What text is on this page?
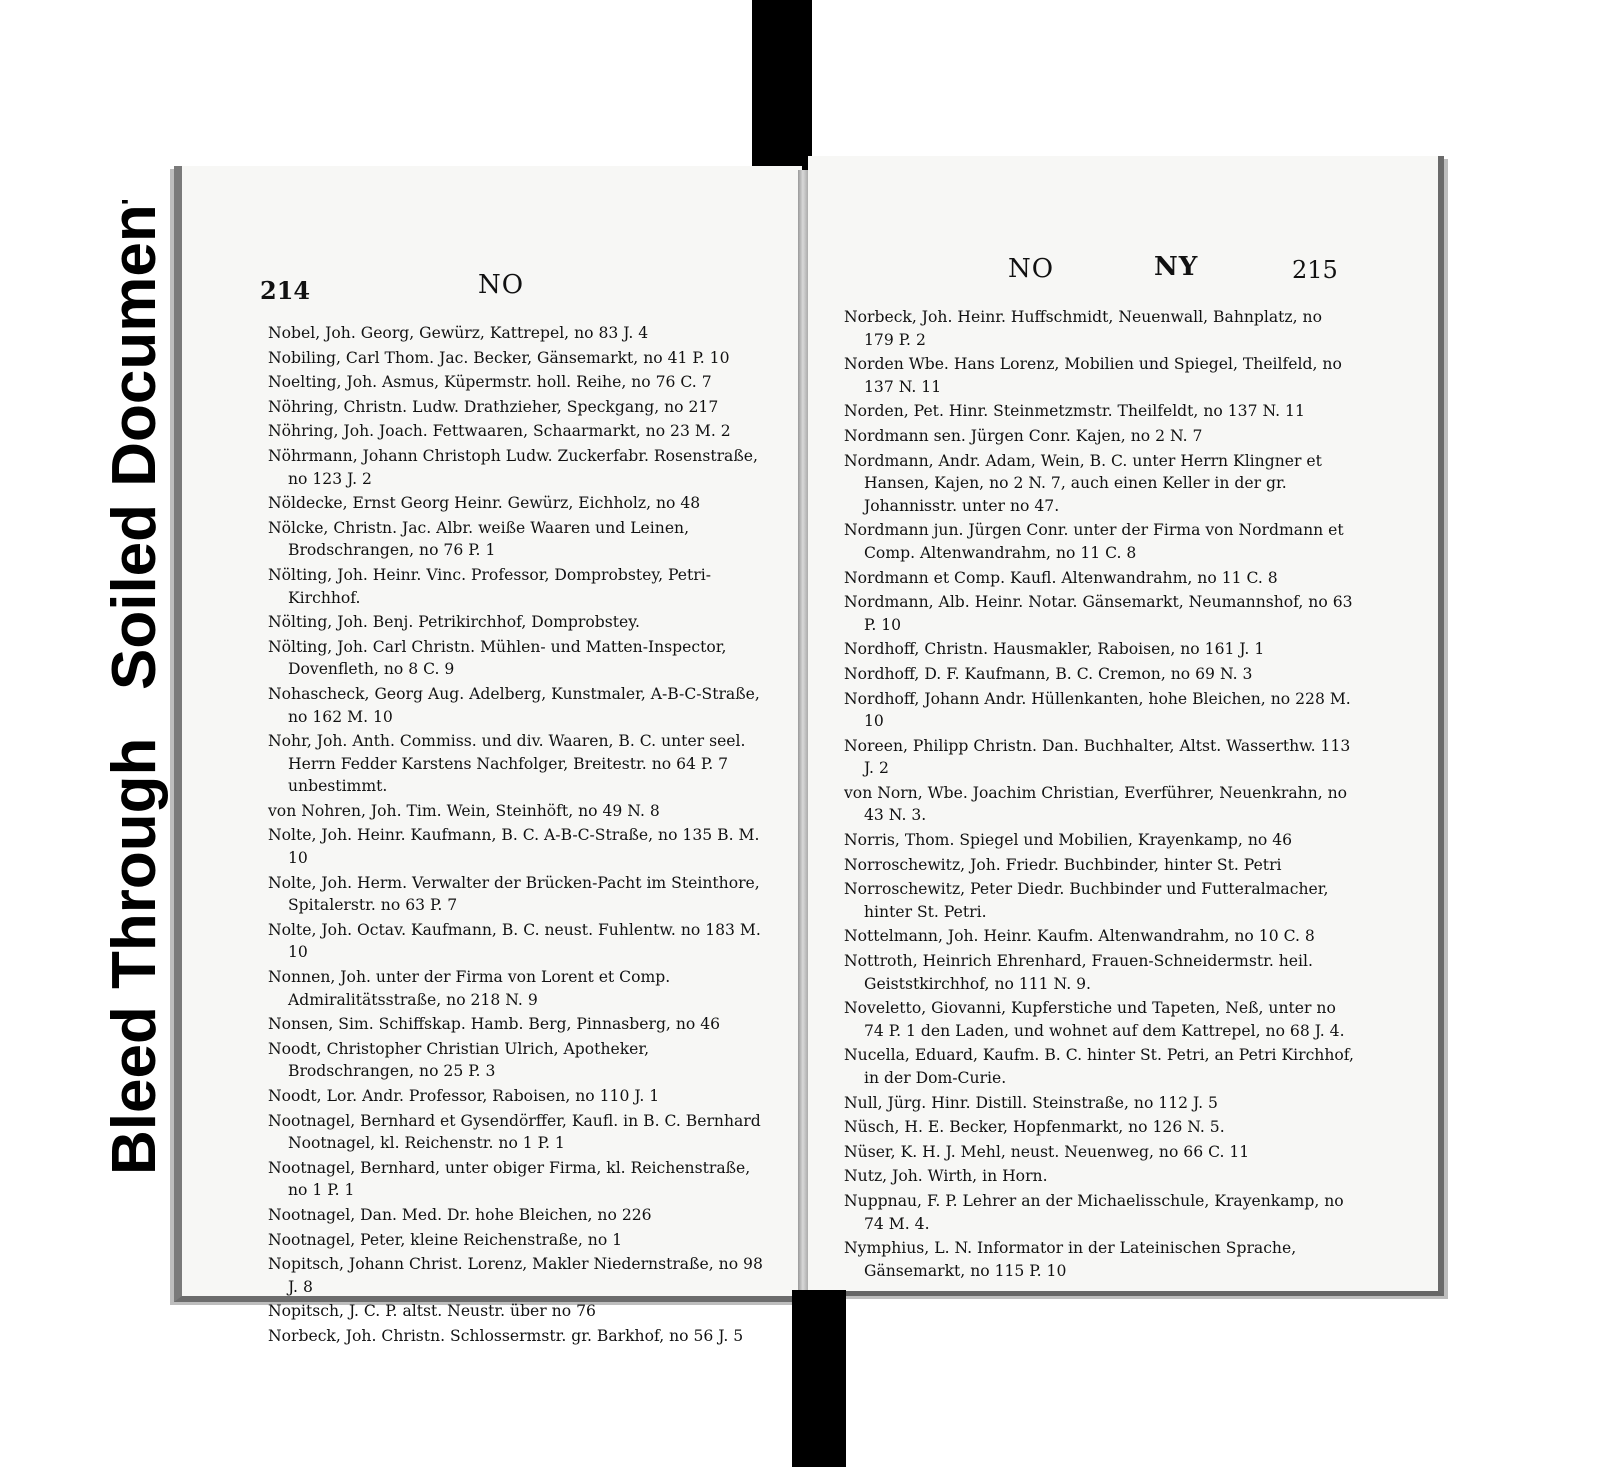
Bleed Through
Soiled Document	214	NO
Nobel, Joh. Georg, Gewürz, Kattrepel, no 83 J. 4
Nobiling, Carl Thom. Jac. Becker, Gänsemarkt, no 41 P. 10
Noelting, Joh. Asmus, Küpermstr. holl. Reihe, no 76 C. 7
Nöhring, Christn. Ludw. Drathzieher, Speckgang, no 217
Nöhring, Joh. Joach. Fettwaaren, Schaarmarkt, no 23 M. 2
Nöhrmann, Johann Christoph Ludw. Zuckerfabr. Rosenstraße, no 123 J. 2
Nöldecke, Ernst Georg Heinr. Gewürz, Eichholz, no 48
Nölcke, Christn. Jac. Albr. weiße Waaren und Leinen, Brodschrangen, no 76 P. 1
Nölting, Joh. Heinr. Vinc. Professor, Domprobstey, Petri-Kirchhof.
Nölting, Joh. Benj. Petrikirchhof, Domprobstey.
Nölting, Joh. Carl Christn. Mühlen- und Matten-Inspector, Dovenfleth, no 8 C. 9
Nohascheck, Georg Aug. Adelberg, Kunstmaler, A-B-C-Straße, no 162 M. 10
Nohr, Joh. Anth. Commiss. und div. Waaren, B. C. unter seel. Herrn Fedder Karstens Nachfolger, Breitestr. no 64 P. 7 unbestimmt.
von Nohren, Joh. Tim. Wein, Steinhöft, no 49 N. 8
Nolte, Joh. Heinr. Kaufmann, B. C. A-B-C-Straße, no 135 B. M. 10
Nolte, Joh. Herm. Verwalter der Brücken-Pacht im Steinthore, Spitalerstr. no 63 P. 7
Nolte, Joh. Octav. Kaufmann, B. C. neust. Fuhlentw. no 183 M. 10
Nonnen, Joh. unter der Firma von Lorent et Comp. Admiralitätsstraße, no 218 N. 9
Nonsen, Sim. Schiffskap. Hamb. Berg, Pinnasberg, no 46
Noodt, Christopher Christian Ulrich, Apotheker, Brodschrangen, no 25 P. 3
Noodt, Lor. Andr. Professor, Raboisen, no 110 J. 1
Nootnagel, Bernhard et Gysendörffer, Kaufl. in B. C. Bernhard Nootnagel, kl. Reichenstr. no 1 P. 1
Nootnagel, Bernhard, unter obiger Firma, kl. Reichenstraße, no 1 P. 1
Nootnagel, Dan. Med. Dr. hohe Bleichen, no 226
Nootnagel, Peter, kleine Reichenstraße, no 1
Nopitsch, Johann Christ. Lorenz, Makler Niedernstraße, no 98 J. 8
Nopitsch, J. C. P. altst. Neustr. über no 76
Norbeck, Joh. Christn. Schlossermstr. gr. Barkhof, no 56 J. 5
NO	NY	215
Norbeck, Joh. Heinr. Huffschmidt, Neuenwall, Bahnplatz, no 179 P. 2
Norden Wbe. Hans Lorenz, Mobilien und Spiegel, Theilfeld, no 137 N. 11
Norden, Pet. Hinr. Steinmetzmstr. Theilfeldt, no 137 N. 11
Nordmann sen. Jürgen Conr. Kajen, no 2 N. 7
Nordmann, Andr. Adam, Wein, B. C. unter Herrn Klingner et Hansen, Kajen, no 2 N. 7, auch einen Keller in der gr. Johannisstr. unter no 47.
Nordmann jun. Jürgen Conr. unter der Firma von Nordmann et Comp. Altenwandrahm, no 11 C. 8
Nordmann et Comp. Kaufl. Altenwandrahm, no 11 C. 8
Nordmann, Alb. Heinr. Notar. Gänsemarkt, Neumannshof, no 63 P. 10
Nordhoff, Christn. Hausmakler, Raboisen, no 161 J. 1
Nordhoff, D. F. Kaufmann, B. C. Cremon, no 69 N. 3
Nordhoff, Johann Andr. Hüllenkanten, hohe Bleichen, no 228 M. 10
Noreen, Philipp Christn. Dan. Buchhalter, Altst. Wasserthw. 113 J. 2
von Norn, Wbe. Joachim Christian, Everführer, Neuenkrahn, no 43 N. 3.
Norris, Thom. Spiegel und Mobilien, Krayenkamp, no 46
Norroschewitz, Joh. Friedr. Buchbinder, hinter St. Petri
Norroschewitz, Peter Diedr. Buchbinder und Futteralmacher, hinter St. Petri.
Nottelmann, Joh. Heinr. Kaufm. Altenwandrahm, no 10 C. 8
Nottroth, Heinrich Ehrenhard, Frauen-Schneidermstr. heil. Geiststkirchhof, no 111 N. 9.
Noveletto, Giovanni, Kupferstiche und Tapeten, Neß, unter no 74 P. 1 den Laden, und wohnet auf dem Kattrepel, no 68 J. 4.
Nucella, Eduard, Kaufm. B. C. hinter St. Petri, an Petri Kirchhof, in der Dom-Curie.
Null, Jürg. Hinr. Distill. Steinstraße, no 112 J. 5
Nüsch, H. E. Becker, Hopfenmarkt, no 126 N. 5.
Nüser, K. H. J. Mehl, neust. Neuenweg, no 66 C. 11
Nutz, Joh. Wirth, in Horn.
Nuppnau, F. P. Lehrer an der Michaelisschule, Krayenkamp, no 74 M. 4.
Nymphius, L. N. Informator in der Lateinischen Sprache, Gänsemarkt, no 115 P. 10
